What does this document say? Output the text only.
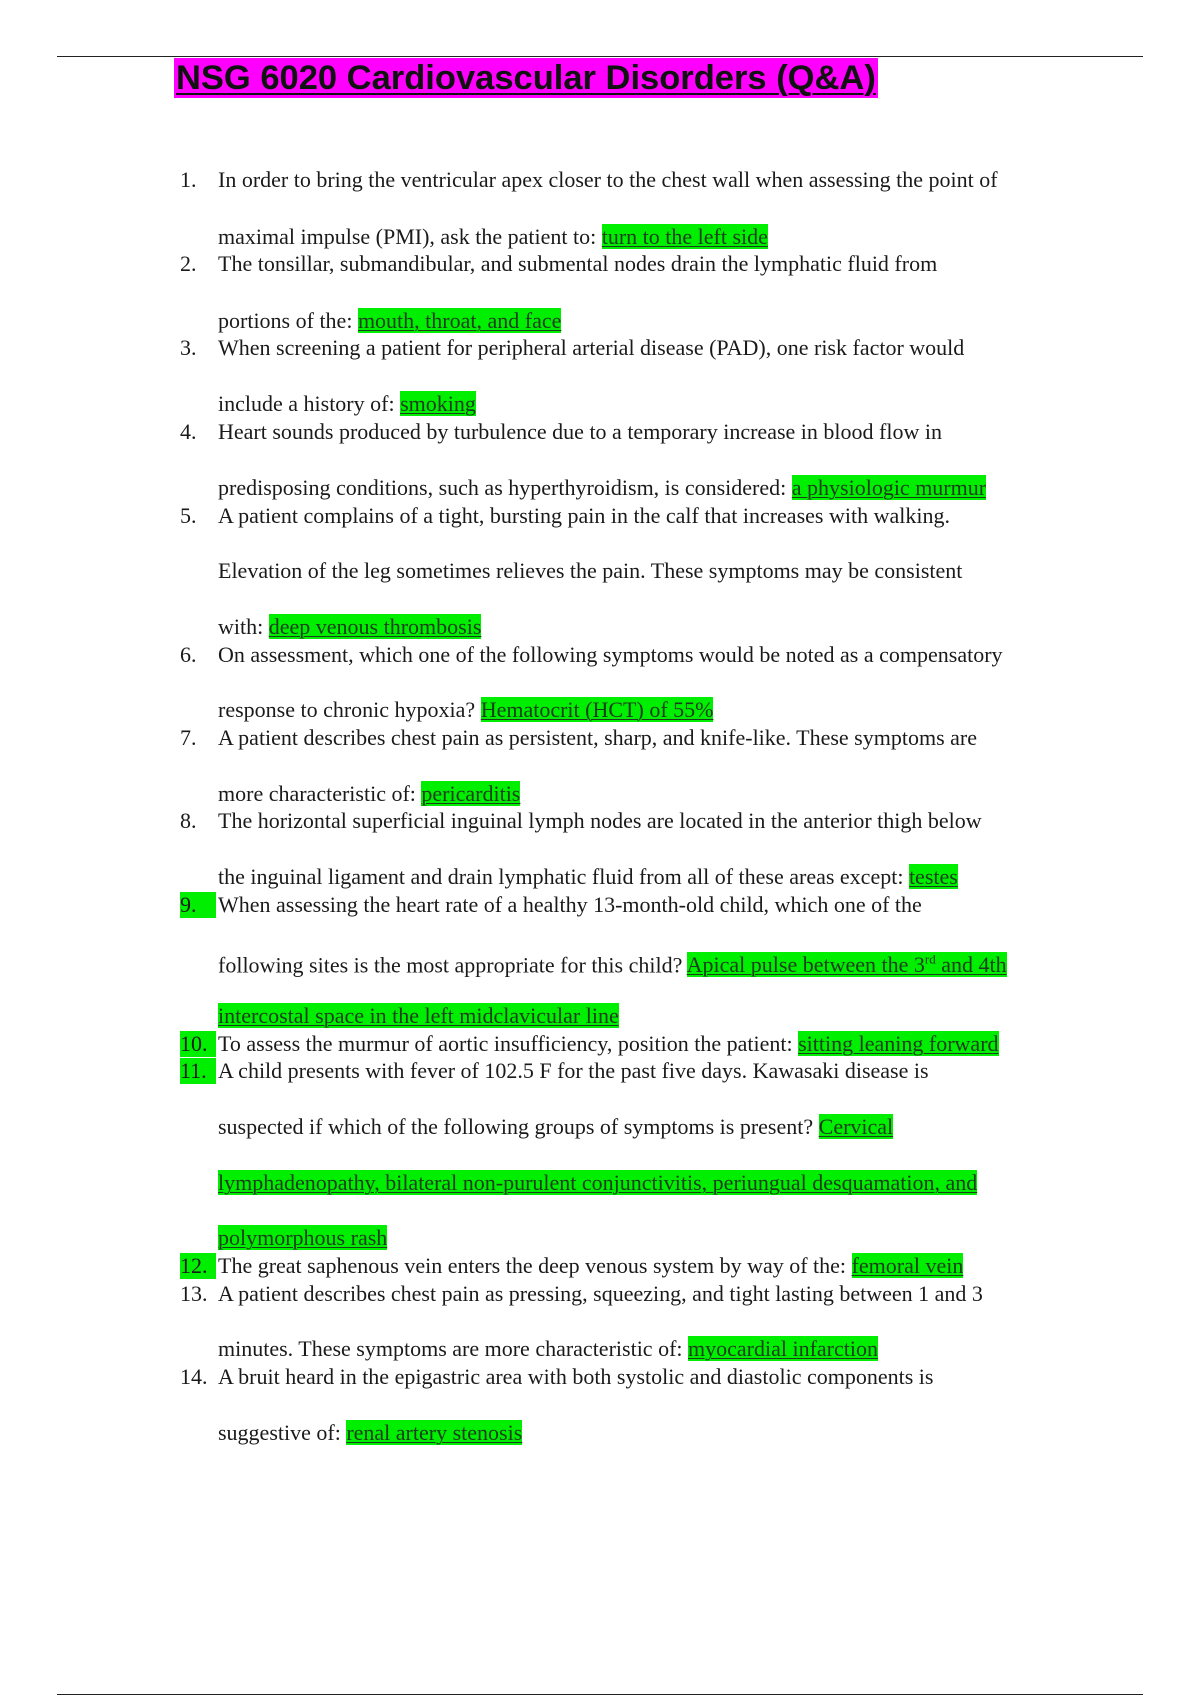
NSG 6020 Cardiovascular Disorders (Q&A)
1. In order to bring the ventricular apex closer to the chest wall when assessing the point of
maximal impulse (PMI), ask the patient to: turn to the left side
2. The tonsillar, submandibular, and submental nodes drain the lymphatic fluid from
portions of the: mouth, throat, and face
3. When screening a patient for peripheral arterial disease (PAD), one risk factor would
include a history of: smoking
4. Heart sounds produced by turbulence due to a temporary increase in blood flow in
predisposing conditions, such as hyperthyroidism, is considered: a physiologic murmur
5. A patient complains of a tight, bursting pain in the calf that increases with walking.
Elevation of the leg sometimes relieves the pain. These symptoms may be consistent
with: deep venous thrombosis
6. On assessment, which one of the following symptoms would be noted as a compensatory
response to chronic hypoxia? Hematocrit (HCT) of 55%
7. A patient describes chest pain as persistent, sharp, and knife-like. These symptoms are
more characteristic of: pericarditis
8. The horizontal superficial inguinal lymph nodes are located in the anterior thigh below
the inguinal ligament and drain lymphatic fluid from all of these areas except: testes
9. When assessing the heart rate of a healthy 13-month-old child, which one of the
following sites is the most appropriate for this child? Apical pulse between the 3rd and 4th
intercostal space in the left midclavicular line
10. To assess the murmur of aortic insufficiency, position the patient: sitting leaning forward
11. A child presents with fever of 102.5 F for the past five days. Kawasaki disease is
suspected if which of the following groups of symptoms is present? Cervical
lymphadenopathy, bilateral non-purulent conjunctivitis, periungual desquamation, and
polymorphous rash
12. The great saphenous vein enters the deep venous system by way of the: femoral vein
13. A patient describes chest pain as pressing, squeezing, and tight lasting between 1 and 3
minutes. These symptoms are more characteristic of: myocardial infarction
14. A bruit heard in the epigastric area with both systolic and diastolic components is
suggestive of: renal artery stenosis
